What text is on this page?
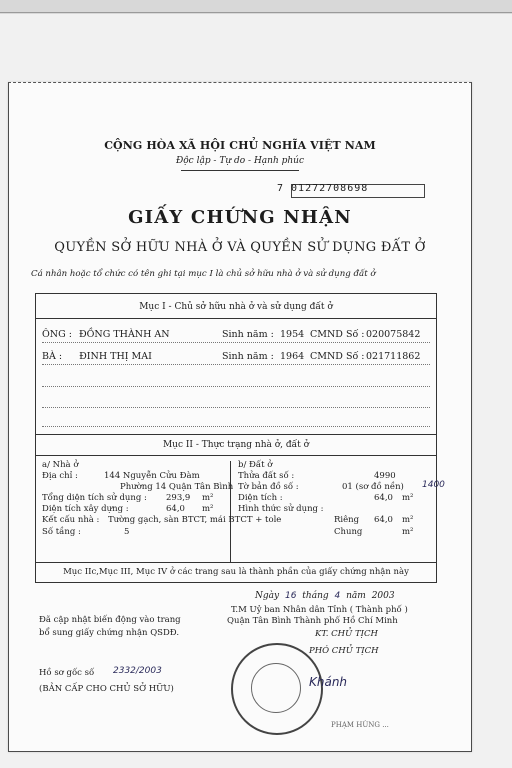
CỘNG HÒA XÃ HỘI CHỦ NGHĨA VIỆT NAM
Độc lập - Tự do - Hạnh phúc
7 01272708698
GIẤY CHỨNG NHẬN
QUYỀN SỞ HỮU NHÀ Ở VÀ QUYỀN SỬ DỤNG ĐẤT Ở
Cá nhân hoặc tổ chức có tên ghi tại mục I là chủ sở hữu nhà ở và sử dụng đất ở
Mục I - Chủ sở hữu nhà ở và sử dụng đất ở
ÔNG : ĐỒNG THÀNH AN	Sinh năm : 1954 CMND Số : 020075842
BÀ : ĐINH THỊ MAI	Sinh năm : 1964 CMND Số : 021711862
Mục II - Thực trạng nhà ở, đất ở
a/ Nhà ở
Địa chỉ :	144 Nguyễn Cửu Đàm
Phường 14 Quận Tân Bình
Tổng diện tích sử dụng : 293,9 m²
Diện tích xây dựng :	64,0 m²
Kết cấu nhà : Tường gạch, sàn BTCT, mái BTCT + tole
Số tầng :	5
b/ Đất ở
Thửa đất số :	4990
Tờ bản đồ số :	01 (sơ đồ nền) 1400
Diện tích :	64,0 m²
Hình thức sử dụng :
Riêng 64,0 m²
Chung	m²
Mục IIc,Mục III, Mục IV ở các trang sau là thành phần của giấy chứng nhận này
Ngày 16 tháng 4 năm 2003
T.M Uỷ ban Nhân dân Tỉnh ( Thành phố )
Quận Tân Bình Thành phố Hồ Chí Minh
KT. CHỦ TỊCH
PHÓ CHỦ TỊCH
Khánh
PHẠM HÙNG ...
Đã cập nhật biến động vào trang
bổ sung giấy chứng nhận QSDĐ.
Hồ sơ gốc số 2332/2003
(BẢN CẤP CHO CHỦ SỞ HỮU)
